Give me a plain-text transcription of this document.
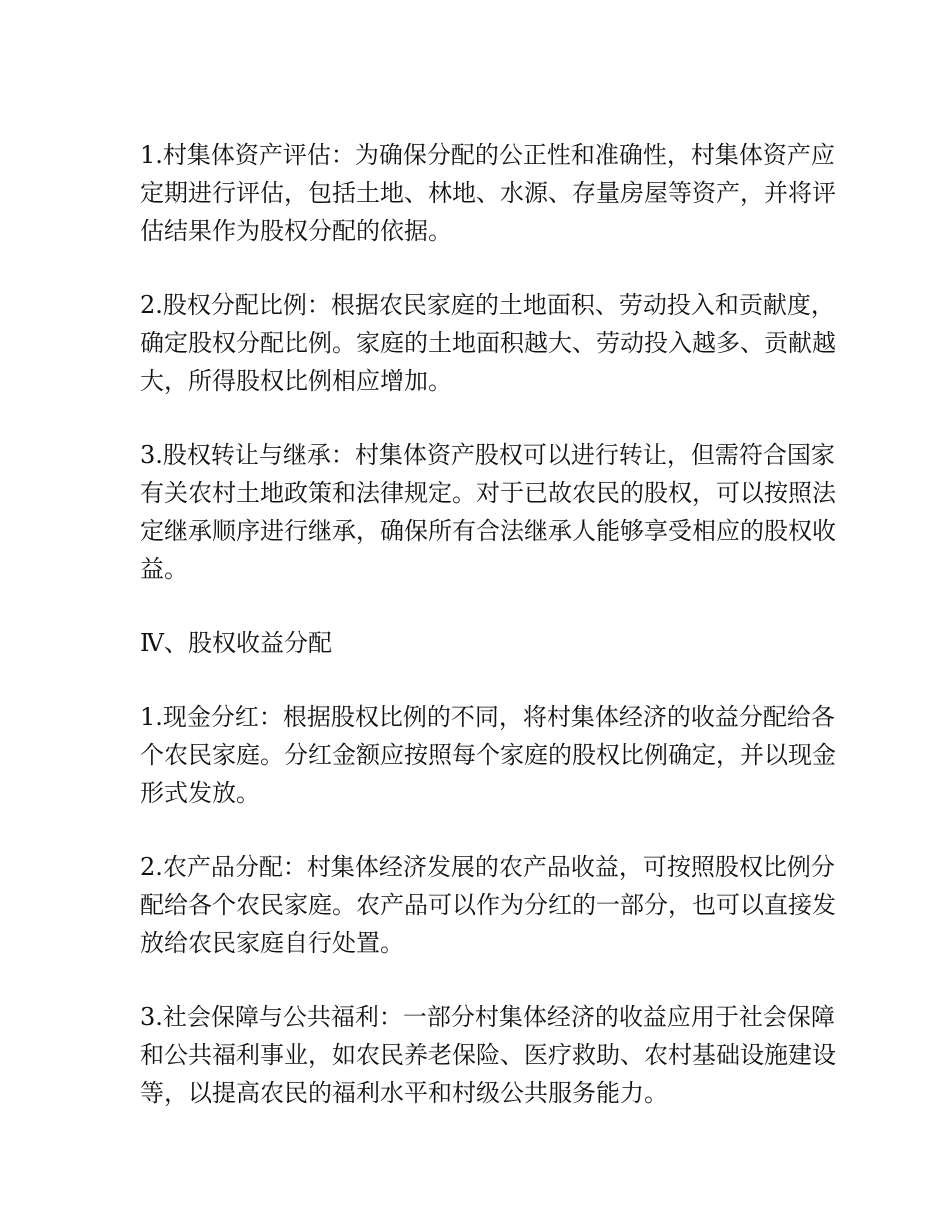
1.村集体资产评估：为确保分配的公正性和准确性，村集体资产应定期进行评估，包括土地、林地、水源、存量房屋等资产，并将评估结果作为股权分配的依据。

2.股权分配比例：根据农民家庭的土地面积、劳动投入和贡献度，确定股权分配比例。家庭的土地面积越大、劳动投入越多、贡献越大，所得股权比例相应增加。

3.股权转让与继承：村集体资产股权可以进行转让，但需符合国家有关农村土地政策和法律规定。对于已故农民的股权，可以按照法定继承顺序进行继承，确保所有合法继承人能够享受相应的股权收益。

Ⅳ、股权收益分配

1.现金分红：根据股权比例的不同，将村集体经济的收益分配给各个农民家庭。分红金额应按照每个家庭的股权比例确定，并以现金形式发放。

2.农产品分配：村集体经济发展的农产品收益，可按照股权比例分配给各个农民家庭。农产品可以作为分红的一部分，也可以直接发放给农民家庭自行处置。

3.社会保障与公共福利：一部分村集体经济的收益应用于社会保障和公共福利事业，如农民养老保险、医疗救助、农村基础设施建设等，以提高农民的福利水平和村级公共服务能力。
